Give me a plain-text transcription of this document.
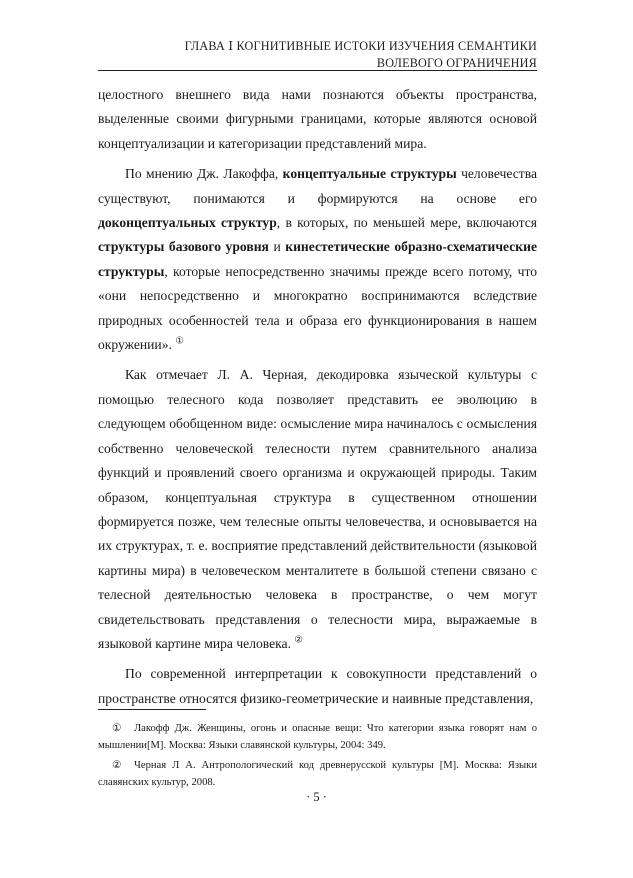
ГЛАВА Ⅰ КОГНИТИВНЫЕ ИСТОКИ ИЗУЧЕНИЯ СЕМАНТИКИ
ВОЛЕВОГО ОГРАНИЧЕНИЯ

целостного внешнего вида нами познаются объекты пространства, выделенные своими фигурными границами, которые являются основой концептуализации и категоризации представлений мира.

По мнению Дж. Лакоффа, концептуальные структуры человечества существуют, понимаются и формируются на основе его доконцептуальных структур, в которых, по меньшей мере, включаются структуры базового уровня и кинестетические образно-схематические структуры, которые непосредственно значимы прежде всего потому, что «они непосредственно и многократно воспринимаются вследствие природных особенностей тела и образа его функционирования в нашем окружении». ①

Как отмечает Л. А. Черная, декодировка языческой культуры с помощью телесного кода позволяет представить ее эволюцию в следующем обобщенном виде: осмысление мира начиналось с осмысления собственно человеческой телесности путем сравнительного анализа функций и проявлений своего организма и окружающей природы. Таким образом, концептуальная структура в существенном отношении формируется позже, чем телесные опыты человечества, и основывается на их структурах, т. е. восприятие представлений действительности (языковой картины мира) в человеческом менталитете в большой степени связано с телесной деятельностью человека в пространстве, о чем могут свидетельствовать представления о телесности мира, выражаемые в языковой картине мира человека. ②

По современной интерпретации к совокупности представлений о пространстве относятся физико-геометрические и наивные представления,

① Лакофф Дж. Женщины, огонь и опасные вещи: Что категории языка говорят нам о мышлении[М]. Москва: Языки славянской культуры, 2004: 349.

② Черная Л А. Антропологический код древнерусской культуры [М]. Москва: Языки славянских культур, 2008.

· 5 ·
